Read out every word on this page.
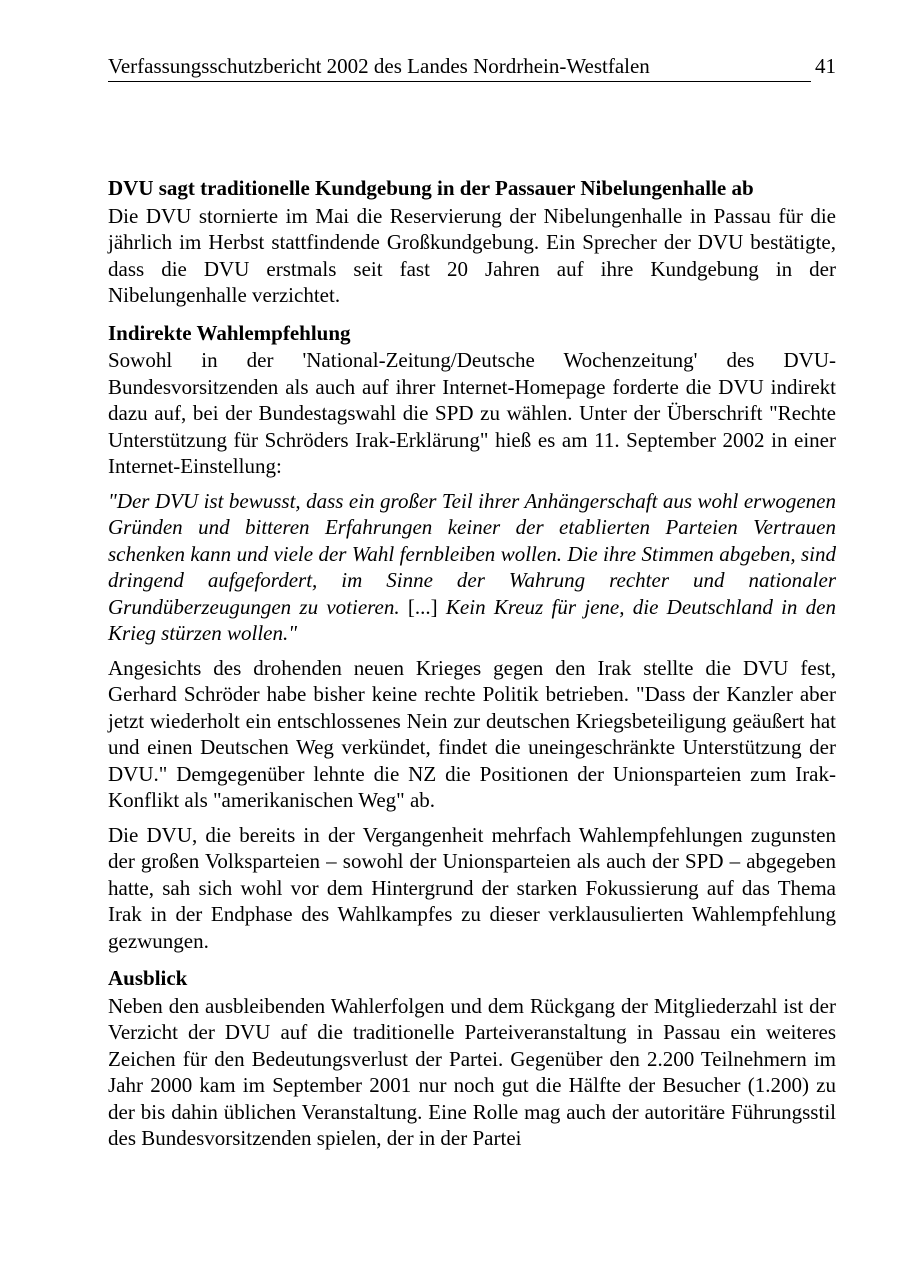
Verfassungsschutzbericht 2002 des Landes Nordrhein-Westfalen	41
DVU sagt traditionelle Kundgebung in der Passauer Nibelungenhalle ab

Die DVU stornierte im Mai die Reservierung der Nibelungenhalle in Passau für die jährlich im Herbst stattfindende Großkundgebung. Ein Sprecher der DVU bestätigte, dass die DVU erstmals seit fast 20 Jahren auf ihre Kundgebung in der Nibelungenhalle verzichtet.

Indirekte Wahlempfehlung

Sowohl in der 'National-Zeitung/Deutsche Wochenzeitung' des DVU-Bundesvorsitzenden als auch auf ihrer Internet-Homepage forderte die DVU indirekt dazu auf, bei der Bundestagswahl die SPD zu wählen. Unter der Überschrift "Rechte Unterstützung für Schröders Irak-Erklärung" hieß es am 11. September 2002 in einer Internet-Einstellung:

"Der DVU ist bewusst, dass ein großer Teil ihrer Anhängerschaft aus wohl erwogenen Gründen und bitteren Erfahrungen keiner der etablierten Parteien Vertrauen schenken kann und viele der Wahl fernbleiben wollen. Die ihre Stimmen abgeben, sind dringend aufgefordert, im Sinne der Wahrung rechter und nationaler Grundüberzeugungen zu votieren. [...] Kein Kreuz für jene, die Deutschland in den Krieg stürzen wollen."

Angesichts des drohenden neuen Krieges gegen den Irak stellte die DVU fest, Gerhard Schröder habe bisher keine rechte Politik betrieben. "Dass der Kanzler aber jetzt wiederholt ein entschlossenes Nein zur deutschen Kriegsbeteiligung geäußert hat und einen Deutschen Weg verkündet, findet die uneingeschränkte Unterstützung der DVU." Demgegenüber lehnte die NZ die Positionen der Unionsparteien zum Irak-Konflikt als "amerikanischen Weg" ab.

Die DVU, die bereits in der Vergangenheit mehrfach Wahlempfehlungen zugunsten der großen Volksparteien – sowohl der Unionsparteien als auch der SPD – abgegeben hatte, sah sich wohl vor dem Hintergrund der starken Fokussierung auf das Thema Irak in der Endphase des Wahlkampfes zu dieser verklausulierten Wahlempfehlung gezwungen.

Ausblick

Neben den ausbleibenden Wahlerfolgen und dem Rückgang der Mitgliederzahl ist der Verzicht der DVU auf die traditionelle Parteiveranstaltung in Passau ein weiteres Zeichen für den Bedeutungsverlust der Partei. Gegenüber den 2.200 Teilnehmern im Jahr 2000 kam im September 2001 nur noch gut die Hälfte der Besucher (1.200) zu der bis dahin üblichen Veranstaltung. Eine Rolle mag auch der autoritäre Führungsstil des Bundesvorsitzenden spielen, der in der Partei
